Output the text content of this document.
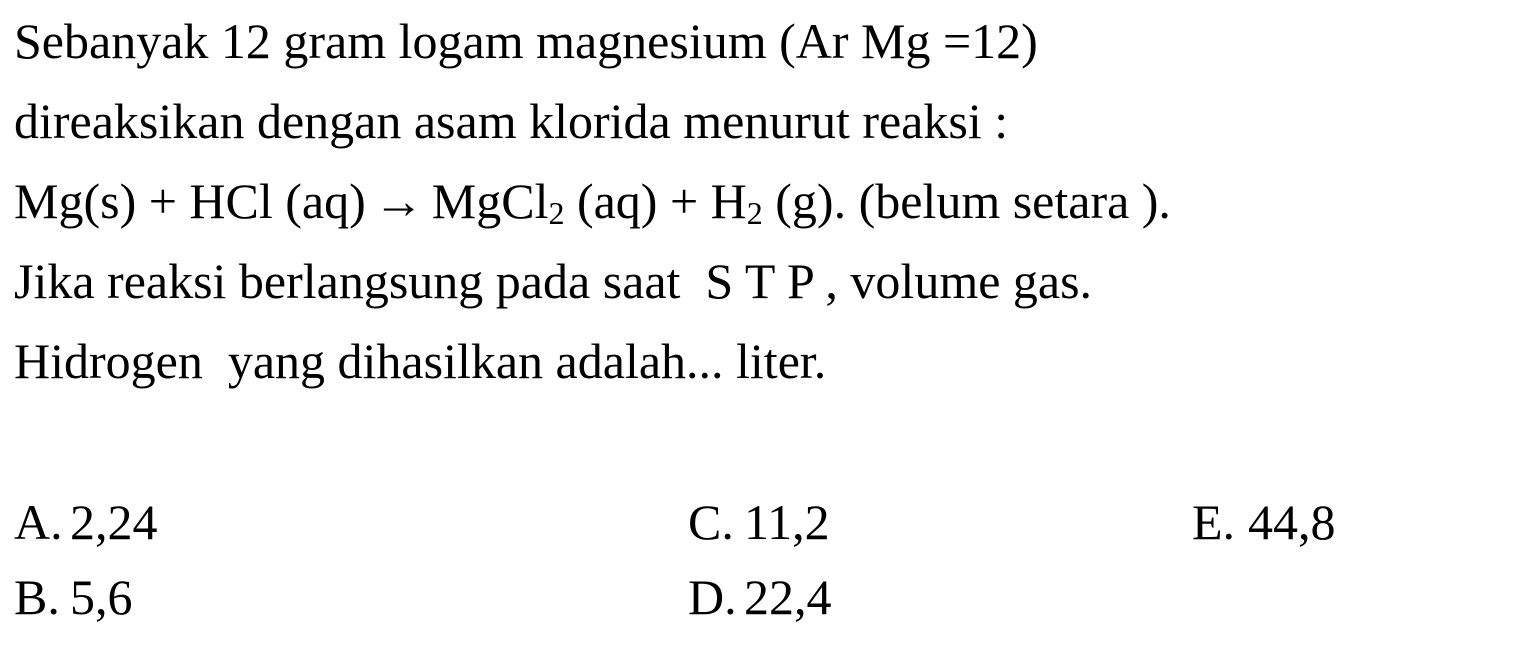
Sebanyak 12 gram logam magnesium (Ar Mg =12)
direaksikan dengan asam klorida menurut reaksi :
Mg(s) + HCl (aq) → MgCl$_2$ $(aq) + H_2$ (g). (belum setara ).
Jika reaksi berlangsung pada saat  S T P , volume gas.
Hidrogen  yang dihasilkan adalah... liter.
A. 2,24
B. 5,6
C. 11,2
D. 22,4
E. 44,8
